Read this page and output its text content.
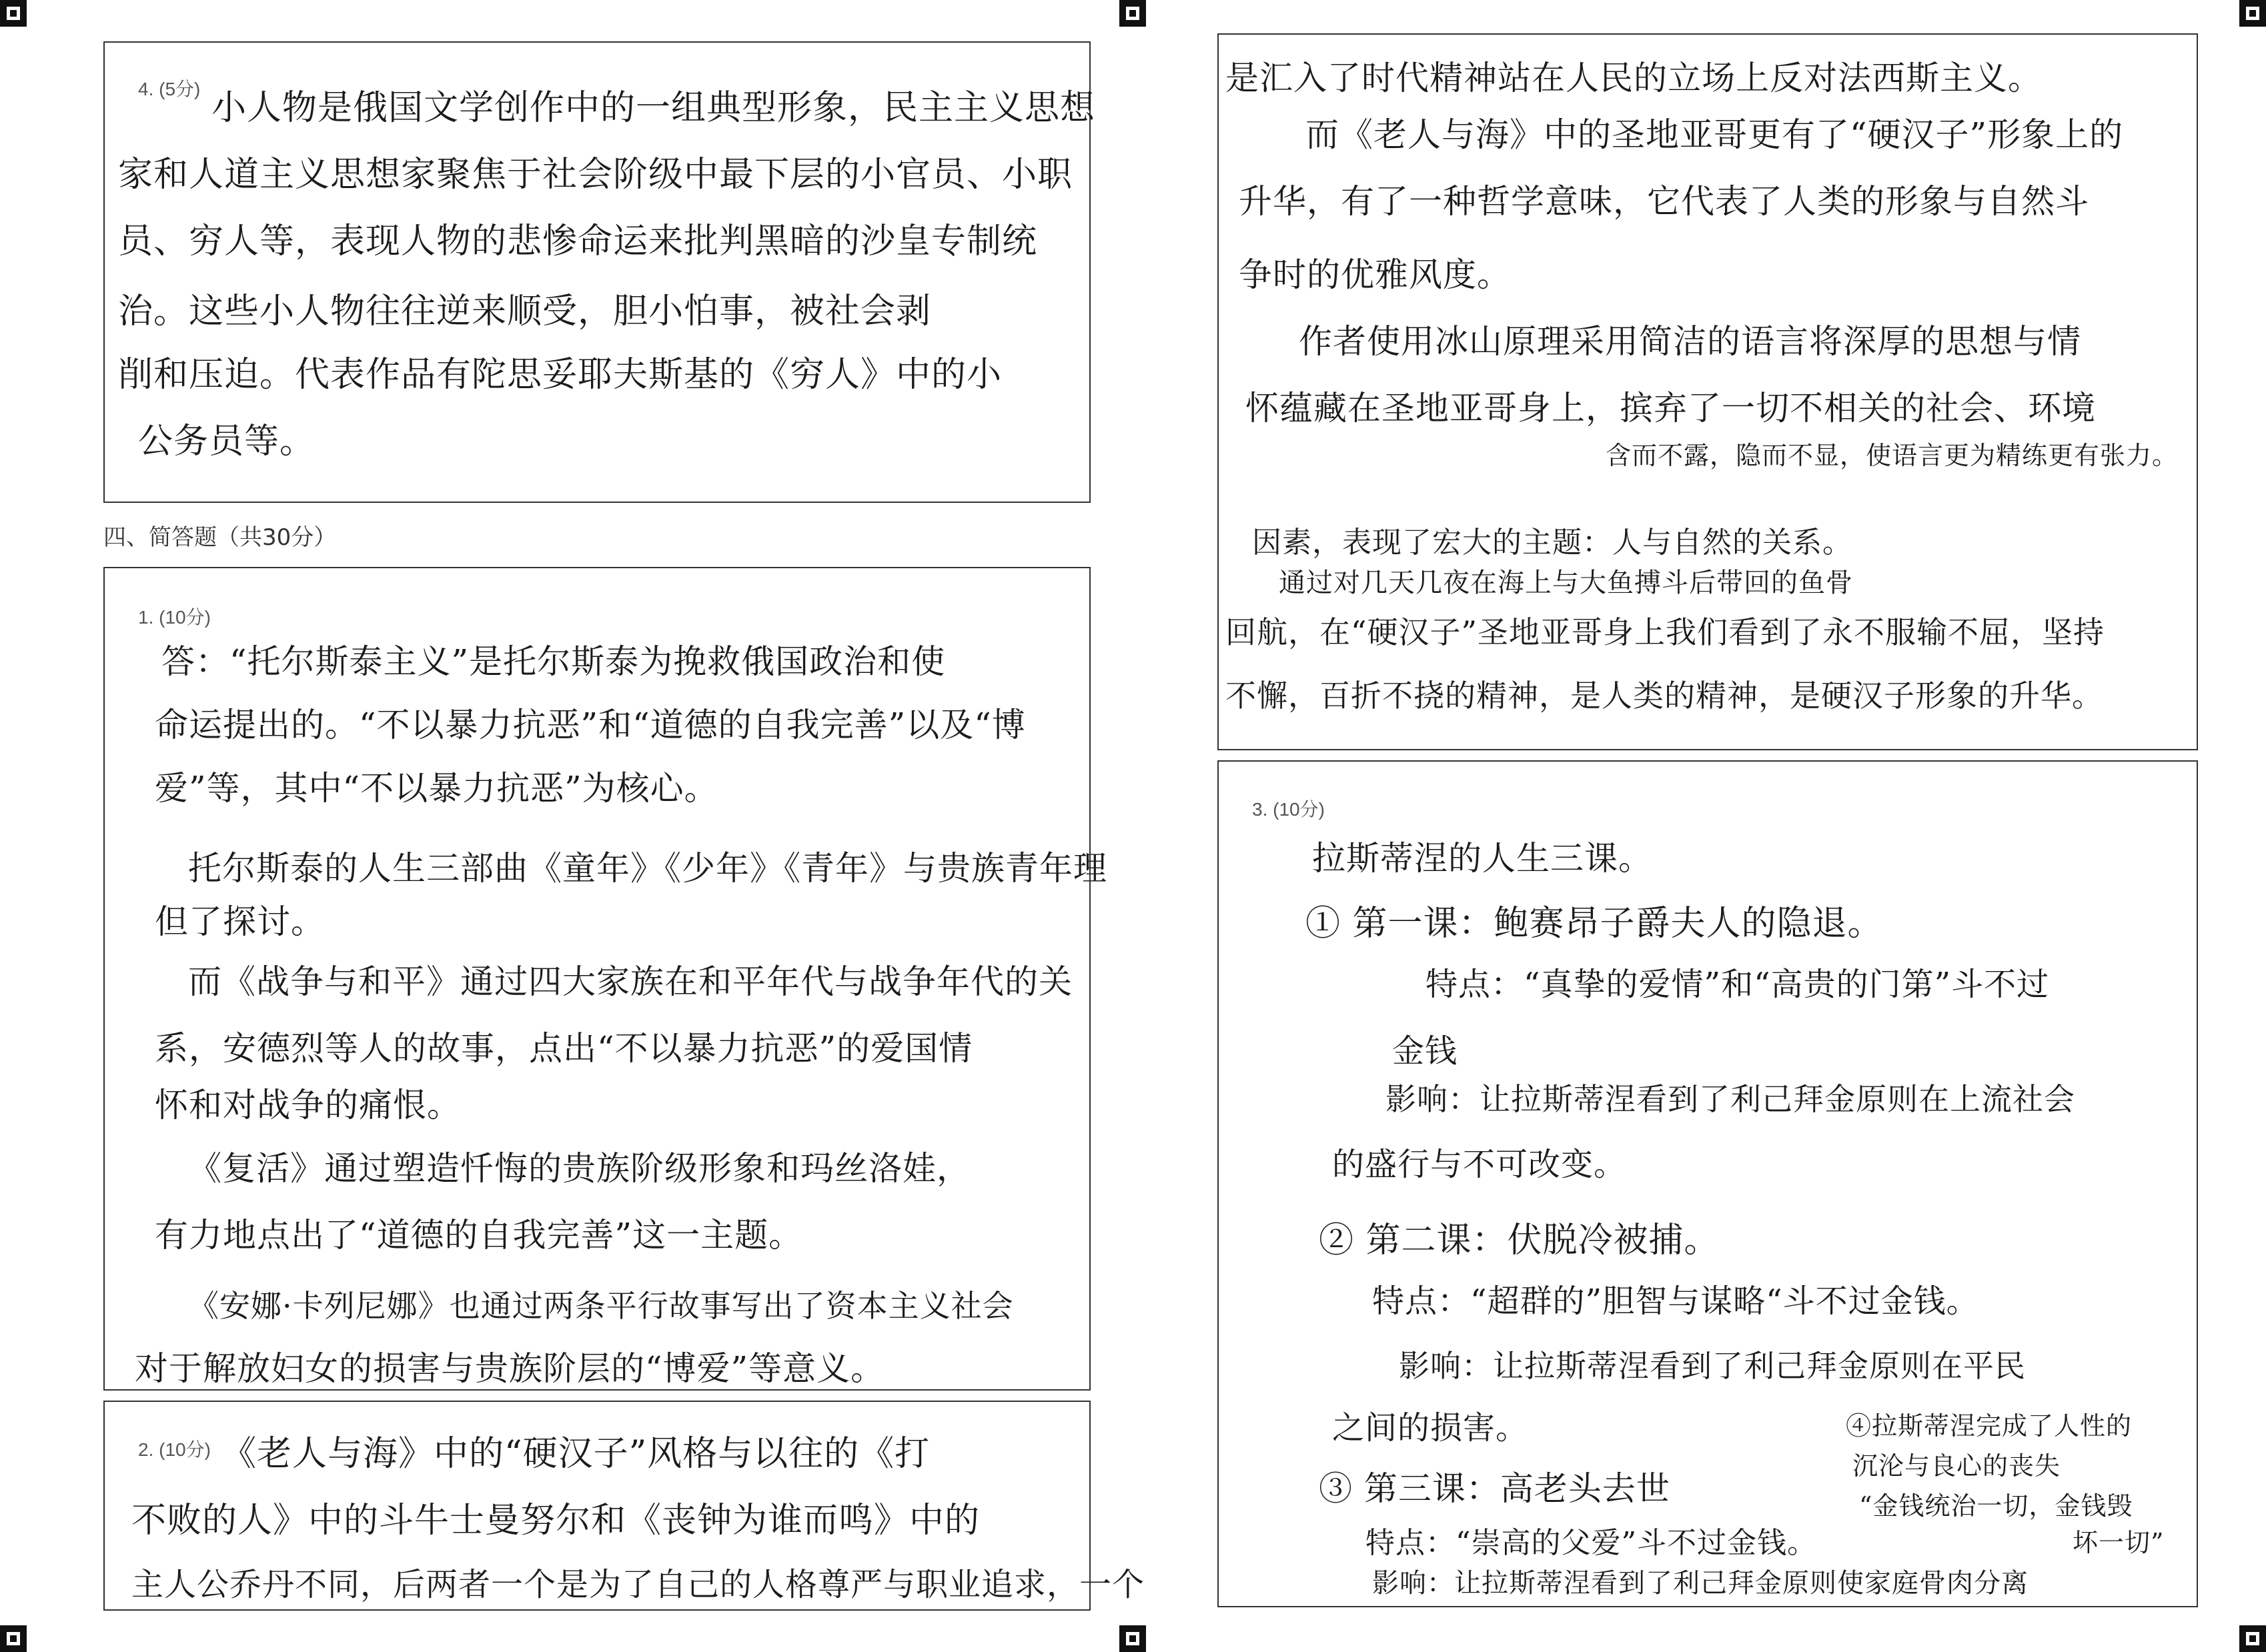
4. (5分) 小人物是俄国文学创作中的一组典型形象，民主主义思想
家和人道主义思想家聚焦于社会阶级中最下层的小官员、小职
员、穷人等，表现人物的悲惨命运来批判黑暗的沙皇专制统
治。这些小人物往往逆来顺受，胆小怕事，被社会剥
削和压迫。代表作品有陀思妥耶夫斯基的《穷人》中的小
公务员等。
四、简答题（共30分）
1. (10分)
答：“托尔斯泰主义”是托尔斯泰为挽救俄国政治和使
命运提出的。“不以暴力抗恶”和“道德的自我完善”以及“博
爱”等，其中“不以暴力抗恶”为核心。
托尔斯泰的人生三部曲《童年》《少年》《青年》与贵族青年理
但了探讨。
而《战争与和平》通过四大家族在和平年代与战争年代的关
系，安德烈等人的故事，点出“不以暴力抗恶”的爱国情
怀和对战争的痛恨。
《复活》通过塑造忏悔的贵族阶级形象和玛丝洛娃，
有力地点出了“道德的自我完善”这一主题。
《安娜·卡列尼娜》也通过两条平行故事写出了资本主义社会
对于解放妇女的损害与贵族阶层的“博爱”等意义。
2. (10分) 《老人与海》中的“硬汉子”风格与以往的《打
不败的人》中的斗牛士曼努尔和《丧钟为谁而鸣》中的
主人公乔丹不同，后两者一个是为了自己的人格尊严与职业追求，一个
是汇入了时代精神站在人民的立场上反对法西斯主义。
而《老人与海》中的圣地亚哥更有了“硬汉子”形象上的
升华，有了一种哲学意味，它代表了人类的形象与自然斗
争时的优雅风度。
作者使用冰山原理采用简洁的语言将深厚的思想与情
怀蕴藏在圣地亚哥身上，摈弃了一切不相关的社会、环境
含而不露，隐而不显，使语言更为精练更有张力。
因素，表现了宏大的主题：人与自然的关系。
通过对几天几夜在海上与大鱼搏斗后带回的鱼骨
回航，在“硬汉子”圣地亚哥身上我们看到了永不服输不屈，坚持
不懈，百折不挠的精神，是人类的精神，是硬汉子形象的升华。
3. (10分)
拉斯蒂涅的人生三课。
① 第一课：鲍赛昂子爵夫人的隐退。
特点：“真挚的爱情”和“高贵的门第”斗不过
金钱
影响：让拉斯蒂涅看到了利己拜金原则在上流社会
的盛行与不可改变。
② 第二课：伏脱冷被捕。
特点：“超群的”胆智与谋略“斗不过金钱。
影响：让拉斯蒂涅看到了利己拜金原则在平民
之间的损害。
③ 第三课：高老头去世
特点：“崇高的父爱”斗不过金钱。
影响：让拉斯蒂涅看到了利己拜金原则使家庭骨肉分离
④拉斯蒂涅完成了人性的
沉沦与良心的丧失
“金钱统治一切，金钱毁
坏一切”
